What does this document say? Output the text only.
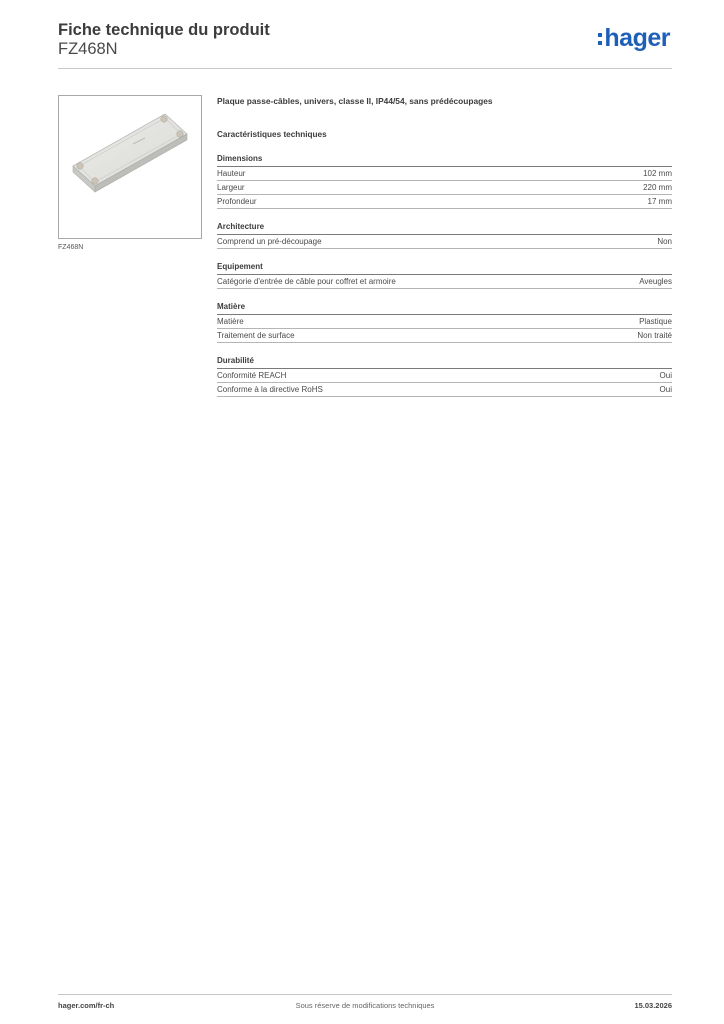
Fiche technique du produit
FZ468N	hager
FZ468N
Plaque passe-câbles, univers, classe II, IP44/54, sans prédécoupages
Caractéristiques techniques
Dimensions
Hauteur	102 mm
Largeur	220 mm
Profondeur	17 mm
Architecture
Comprend un pré-découpage	Non
Equipement
Catégorie d'entrée de câble pour coffret et armoire	Aveugles
Matière
Matière	Plastique
Traitement de surface	Non traité
Durabilité
Conformité REACH	Oui
Conforme à la directive RoHS	Oui
hager.com/fr-ch	Sous réserve de modifications techniques	15.03.2026
